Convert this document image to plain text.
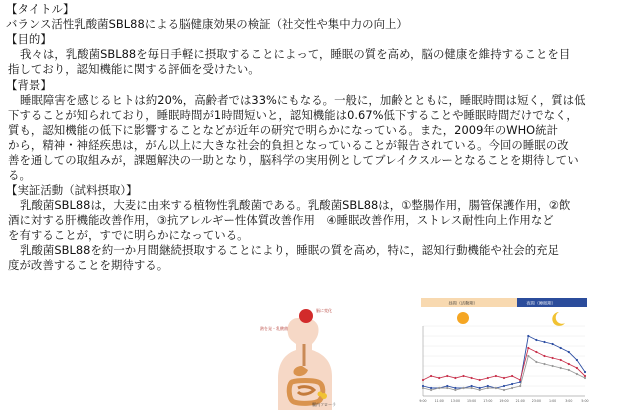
【タイトル】
バランス活性乳酸菌SBL88による脳健康効果の検証（社交性や集中力の向上）
【目的】
我々は，乳酸菌SBL88を毎日手軽に摂取することによって，睡眠の質を高め，脳の健康を維持することを目
指しており，認知機能に関する評価を受けたい。
【背景】
睡眠障害を感じるヒトは約20%，高齢者では33%にもなる。一般に，加齢とともに，睡眠時間は短く，質は低
下することが知られており，睡眠時間が1時間短いと，認知機能は0.67%低下することや睡眠時間だけでなく，
質も，認知機能の低下に影響することなどが近年の研究で明らかになっている。また，2009年のWHO統計
から，精神・神経疾患は，がん以上に大きな社会的負担となっていることが報告されている。今回の睡眠の改
善を通しての取組みが，課題解決の一助となり，脳科学の実用例としてブレイクスルーとなることを期待してい
る。
【実証活動（試料摂取）】
乳酸菌SBL88は，大麦に由来する植物性乳酸菌である。乳酸菌SBL88は，①整腸作用，腸管保護作用，②飲
酒に対する肝機能改善作用，③抗アレルギー性体質改善作用　④睡眠改善作用，ストレス耐性向上作用など
を有することが，すでに明らかになっている。
乳酸菌SBL88を約一か月間継続摂取することにより，睡眠の質を高め，特に，認知行動機能や社会的充足
度が改善することを期待する。
熱を発・乳酸菌
脳に変化
腸内フローラ
昼間（活動期）	夜間（睡眠期）
9:00	11:00 13:00 15:00 17:00 19:00 21:00 23:00	1:00	3:00	5:00
